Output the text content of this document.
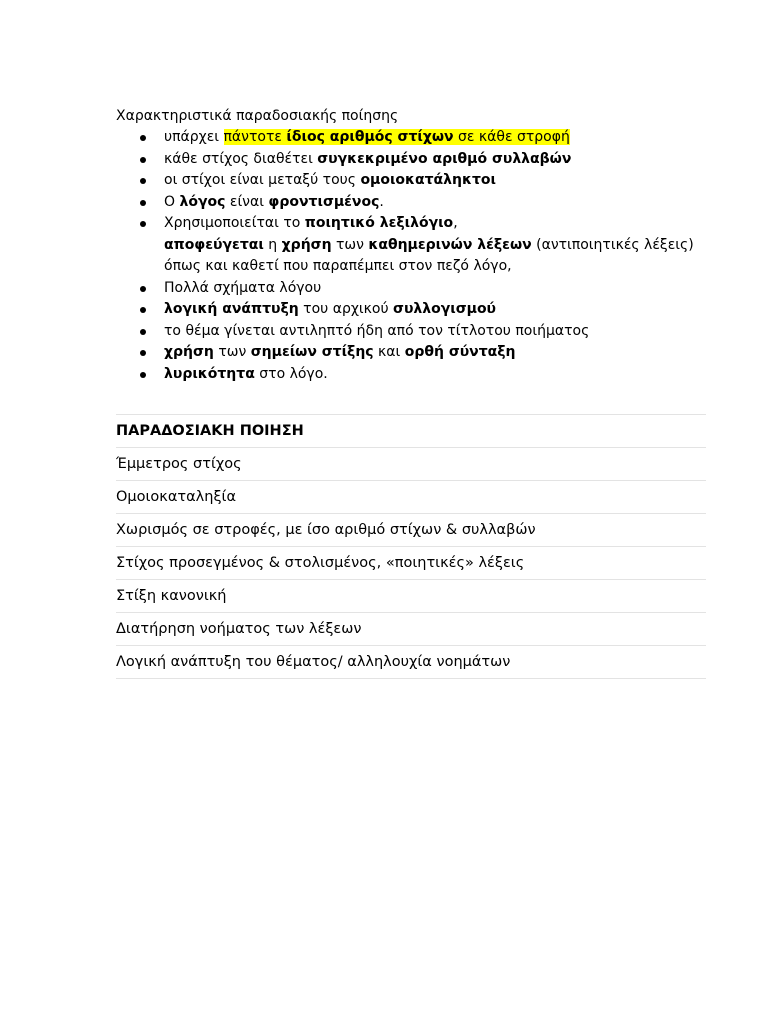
Χαρακτηριστικά παραδοσιακής ποίησης
υπάρχει πάντοτε ίδιος αριθμός στίχων σε κάθε στροφή
κάθε στίχος διαθέτει συγκεκριμένο αριθμό συλλαβών
οι στίχοι είναι μεταξύ τους ομοιοκατάληκτοι
Ο λόγος είναι φροντισμένος.
Χρησιμοποιείται το ποιητικό λεξιλόγιο,
αποφεύγεται η χρήση των καθημερινών λέξεων (αντιποιητικές λέξεις)
όπως και καθετί που παραπέμπει στον πεζό λόγο,
Πολλά σχήματα λόγου
λογική ανάπτυξη του αρχικού συλλογισμού
το θέμα γίνεται αντιληπτό ήδη από τον τίτλοτου ποιήματος
χρήση των σημείων στίξης και ορθή σύνταξη
λυρικότητα στο λόγο.
ΠΑΡΑΔΟΣΙΑΚΗ ΠΟΙΗΣΗ
Έμμετρος στίχος
Ομοιοκαταληξία
Χωρισμός σε στροφές, με ίσο αριθμό στίχων & συλλαβών
Στίχος προσεγμένος & στολισμένος, «ποιητικές» λέξεις
Στίξη κανονική
Διατήρηση νοήματος των λέξεων
Λογική ανάπτυξη του θέματος/ αλληλουχία νοημάτων
